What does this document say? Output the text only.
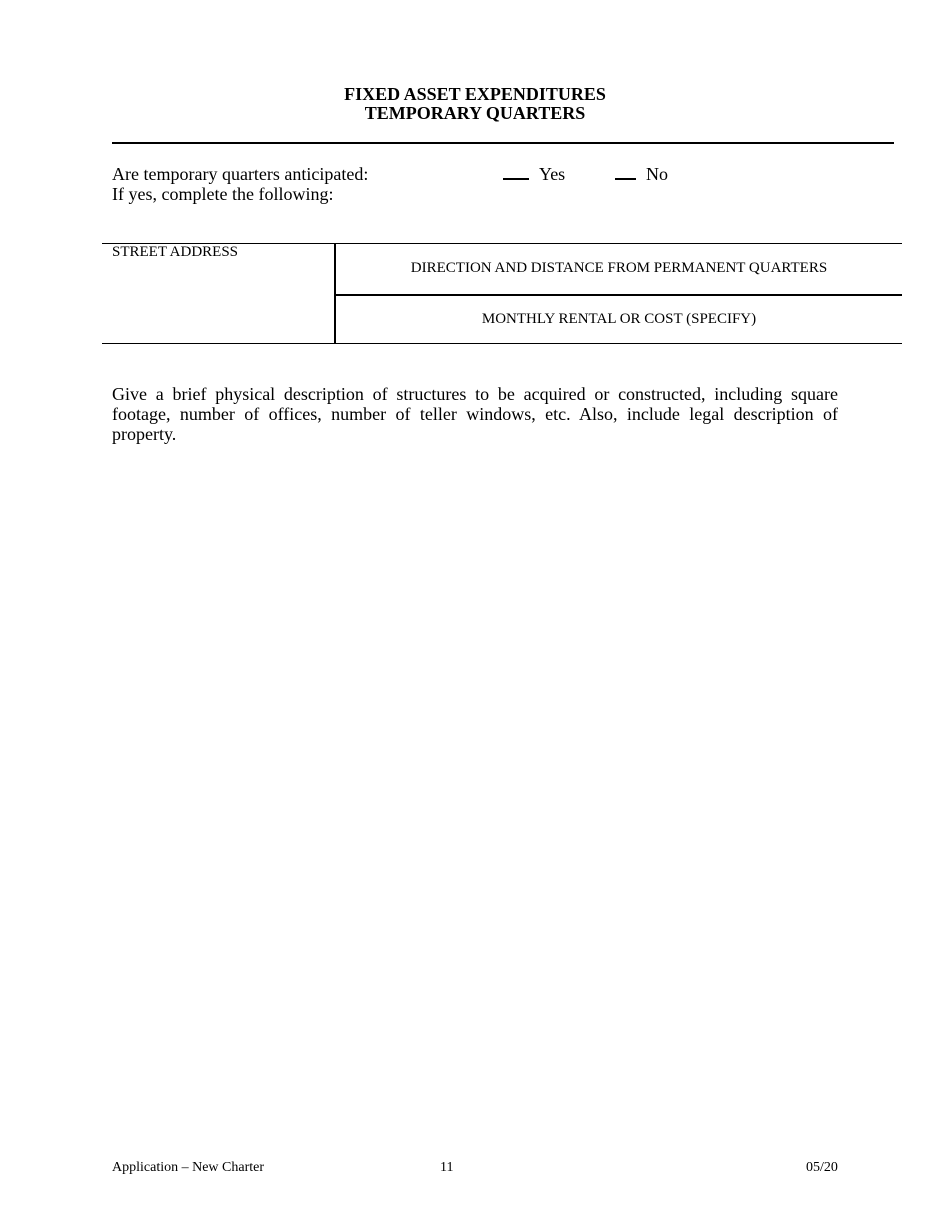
FIXED ASSET EXPENDITURES
TEMPORARY QUARTERS
Are temporary quarters anticipated:
If yes, complete the following:
Yes	No
STREET ADDRESS
DIRECTION AND DISTANCE FROM PERMANENT QUARTERS
MONTHLY RENTAL OR COST (SPECIFY)
Give a brief physical description of structures to be acquired or constructed, including square footage, number of offices, number of teller windows, etc. Also, include legal description of property.
Application – New Charter	11	05/20
